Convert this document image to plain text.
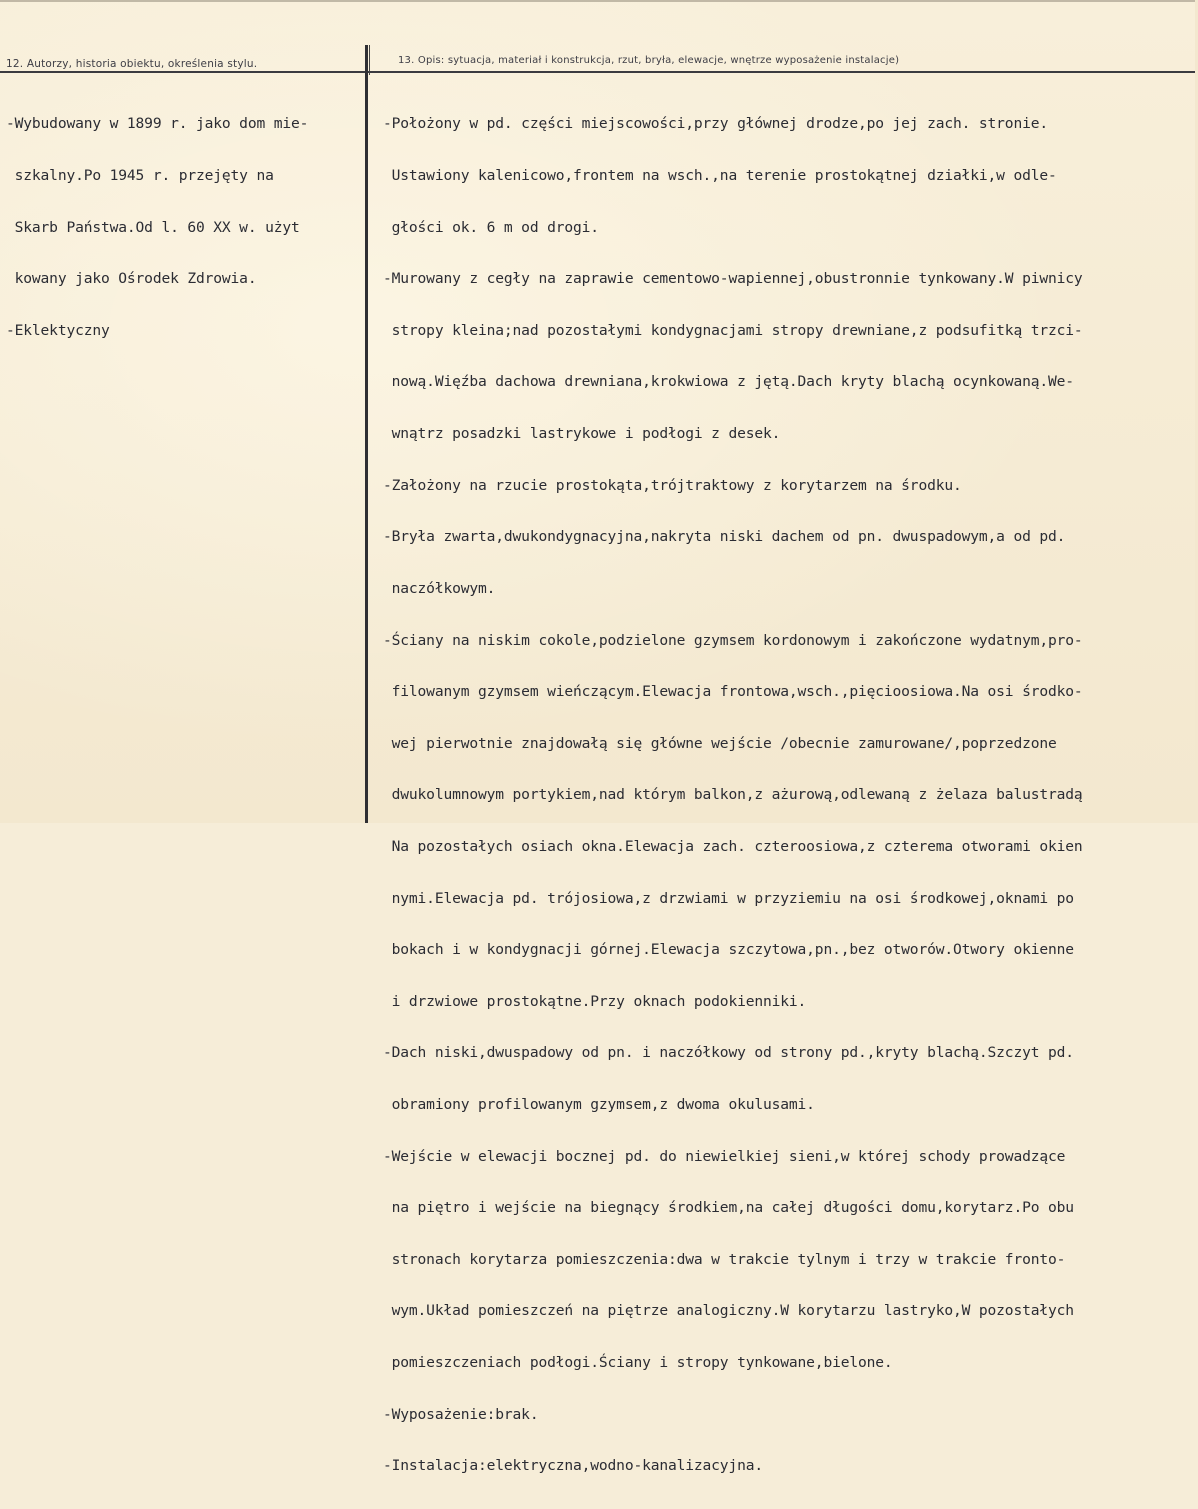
12. Autorzy, historia obiektu, określenia stylu.	13. Opis: sytuacja, materiał i konstrukcja, rzut, bryła, elewacje, wnętrze wyposażenie instalacje)

-Wybudowany w 1899 r. jako dom mie-

szkalny.Po 1945 r. przejęty na

Skarb Państwa.Od l. 60 XX w. użyt

kowany jako Ośrodek Zdrowia.

-Eklektyczny

-Położony w pd. części miejscowości,przy głównej drodze,po jej zach. stronie.

Ustawiony kalenicowo,frontem na wsch.,na terenie prostokątnej działki,w odle-

głości ok. 6 m od drogi.

-Murowany z cegły na zaprawie cementowo-wapiennej,obustronnie tynkowany.W piwnicy

stropy kleina;nad pozostałymi kondygnacjami stropy drewniane,z podsufitką trzci-

nową.Więźba dachowa drewniana,krokwiowa z jętą.Dach kryty blachą ocynkowaną.We-

wnątrz posadzki lastrykowe i podłogi z desek.

-Założony na rzucie prostokąta,trójtraktowy z korytarzem na środku.

-Bryła zwarta,dwukondygnacyjna,nakryta niski dachem od pn. dwuspadowym,a od pd.

naczółkowym.

-Ściany na niskim cokole,podzielone gzymsem kordonowym i zakończone wydatnym,pro-

filowanym gzymsem wieńczącym.Elewacja frontowa,wsch.,pięcioosiowa.Na osi środko-

wej pierwotnie znajdowałą się główne wejście /obecnie zamurowane/,poprzedzone

dwukolumnowym portykiem,nad którym balkon,z ażurową,odlewaną z żelaza balustradą

Na pozostałych osiach okna.Elewacja zach. czteroosiowa,z czterema otworami okien

nymi.Elewacja pd. trójosiowa,z drzwiami w przyziemiu na osi środkowej,oknami po

bokach i w kondygnacji górnej.Elewacja szczytowa,pn.,bez otworów.Otwory okienne

i drzwiowe prostokątne.Przy oknach podokienniki.

-Dach niski,dwuspadowy od pn. i naczółkowy od strony pd.,kryty blachą.Szczyt pd.

obramiony profilowanym gzymsem,z dwoma okulusami.

-Wejście w elewacji bocznej pd. do niewielkiej sieni,w której schody prowadzące

na piętro i wejście na biegnący środkiem,na całej długości domu,korytarz.Po obu

stronach korytarza pomieszczenia:dwa w trakcie tylnym i trzy w trakcie fronto-

wym.Układ pomieszczeń na piętrze analogiczny.W korytarzu lastryko,W pozostałych

pomieszczeniach podłogi.Ściany i stropy tynkowane,bielone.

-Wyposażenie:brak.

-Instalacja:elektryczna,wodno-kanalizacyjna.
